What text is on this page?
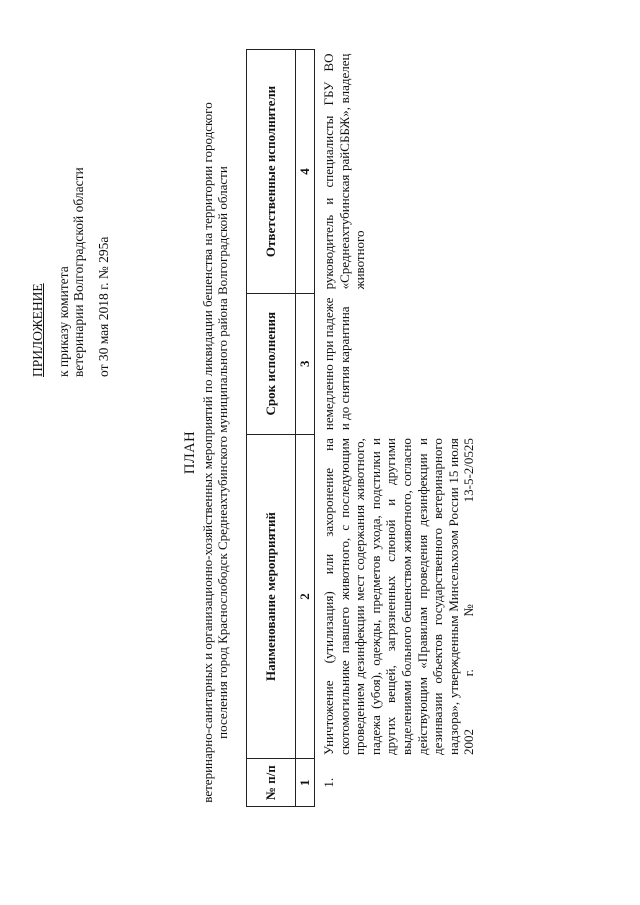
ПРИЛОЖЕНИЕ к приказу комитета ветеринарии Волгоградской области от 30 мая 2018 г. № 295а
ПЛАН ветеринарно-санитарных и организационно-хозяйственных мероприятий по ликвидации бешенства на территории городского поселения город Краснослободск Среднеахтубинского муниципального района Волгоградской области
№ п/п	Наименование мероприятий	Срок исполнения	Ответственные исполнители
1	2	3	4
1.	Уничтожение (утилизация) или захоронение на скотомогильнике павшего животного, с последующим проведением дезинфекции мест содержания животного, падежа (убоя), одежды, предметов ухода, подстилки и других вещей, загрязненных слюной и другими выделениями больного бешенством животного, согласно действующим «Правилам проведения дезинфекции и дезинвазии объектов государственного ветеринарного надзора», утвержденным Минсельхозом России 15 июля 2002 г. № 13-5-2/0525	немедленно при падеже и до снятия карантина	руководитель и специалисты ГБУ ВО «Среднеахтубинская райСББЖ», владелец животного
